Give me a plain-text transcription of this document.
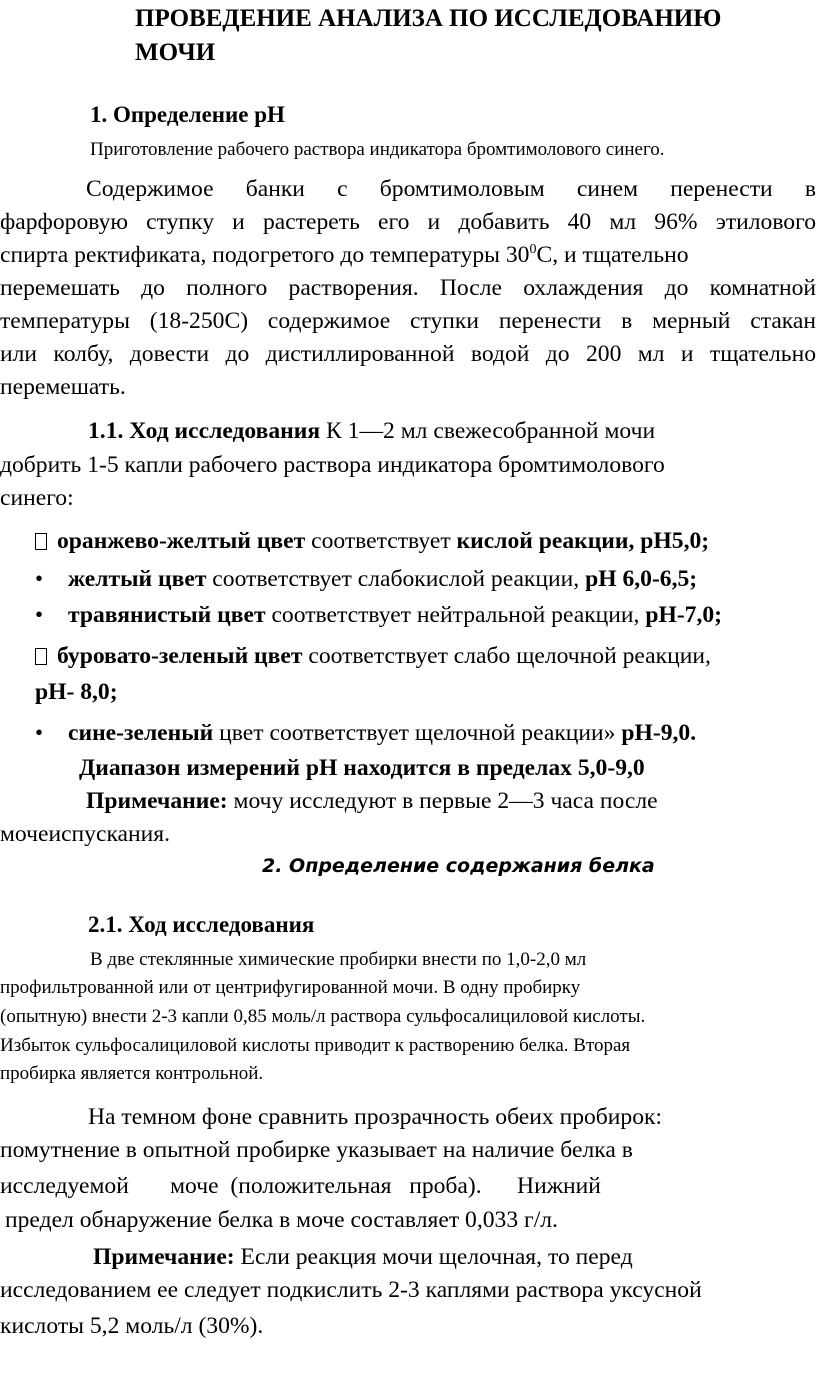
ПРОВЕДЕНИЕ АНАЛИЗА ПО ИССЛЕДОВАНИЮ
МОЧИ
1. Определение рН
Приготовление рабочего раствора индикатора бромтимолового синего.
Содержимое банки с бромтимоловым синем перенести в
фарфоровую ступку и растереть его и добавить 40 мл 96% этилового
спирта ректификата, подогретого до температуры $30^0С$, и тщательно
перемешать до полного растворения. После охлаждения до комнатной
температуры (18-250С) содержимое ступки перенести в мерный стакан
или колбу, довести до дистиллированной водой до 200 мл и тщательно
перемешать.
1.1. Ход исследования К 1—2 мл свежесобранной мочи
добрить 1-5 капли рабочего раствора индикатора бромтимолового
синего:
оранжево-желтый цвет соответствует кислой реакции, рН5,0;
• желтый цвет соответствует слабокислой реакции, рН 6,0-6,5;
• травянистый цвет соответствует нейтральной реакции, рН-7,0;
буровато-зеленый цвет соответствует слабо щелочной реакции,
рН- 8,0;
• сине-зеленый цвет соответствует щелочной реакции» рН-9,0.
Диапазон измерений рН находится в пределах 5,0-9,0
Примечание: мочу исследуют в первые 2—3 часа после
мочеиспускания.
2. Определение содержания белка
2.1. Ход исследования
В две стеклянные химические пробирки внести по 1,0-2,0 мл
профильтрованной или от центрифугированной мочи. В одну пробирку
(опытную) внести 2-3 капли 0,85 моль/л раствора сульфосалициловой кислоты.
Избыток сульфосалициловой кислоты приводит к растворению белка. Вторая
пробирка является контрольной.
На темном фоне сравнить прозрачность обеих пробирок:
помутнение в опытной пробирке указывает на наличие белка в
исследуемой       моче  (положительная   проба).      Нижний
предел обнаружение белка в моче составляет 0,033 г/л.
Примечание: Если реакция мочи щелочная, то перед
исследованием ее следует подкислить 2-3 каплями раствора уксусной
кислоты 5,2 моль/л (30%).
